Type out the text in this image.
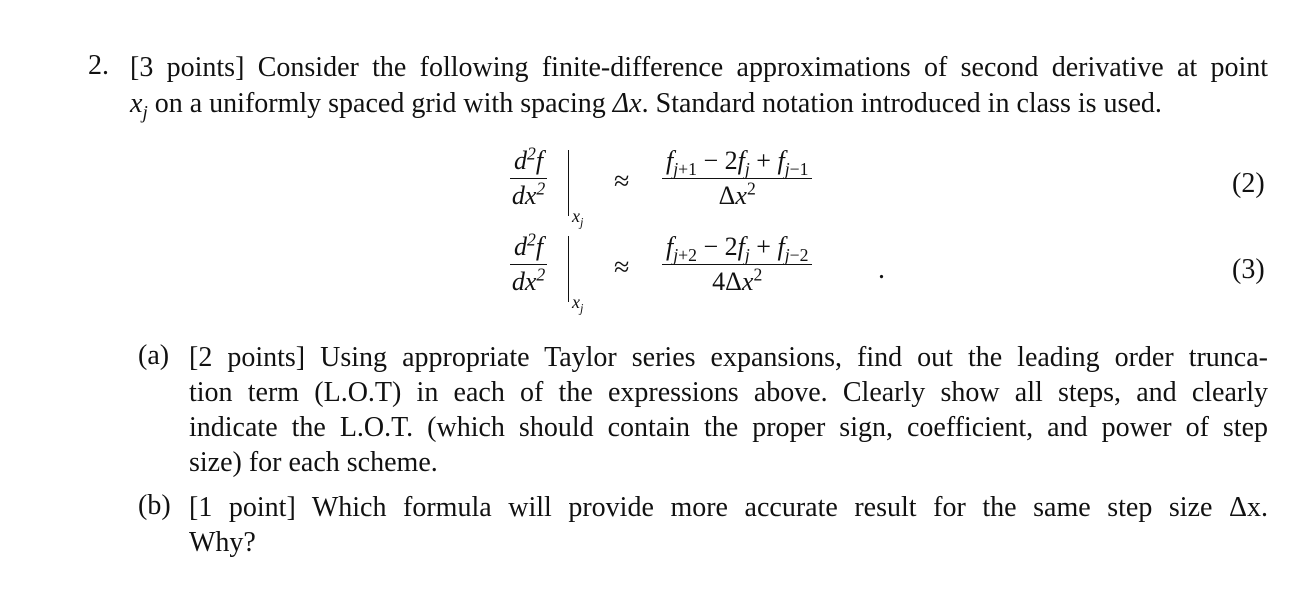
2. [3 points] Consider the following finite-difference approximations of second derivative at point
$x_j$ on a uniformly spaced grid with spacing Δx. Standard notation introduced in class is used.
$d^2f$
$dx^2$
$x_j$
≈
$f_{j+1} - 2f_j + f_{j-1}$
$\Delta x^2$	(2)
$d^2f$
$dx^2$
$x_j$
≈
$f_{j+2} - 2f_j + f_{j-2}$
$4\Delta x^2$	.	(3)
(a) [2 points] Using appropriate Taylor series expansions, find out the leading order trunca-
tion term (L.O.T) in each of the expressions above. Clearly show all steps, and clearly
indicate the L.O.T. (which should contain the proper sign, coefficient, and power of step
size) for each scheme.
(b) [1 point] Which formula will provide more accurate result for the same step size Δx.
Why?
